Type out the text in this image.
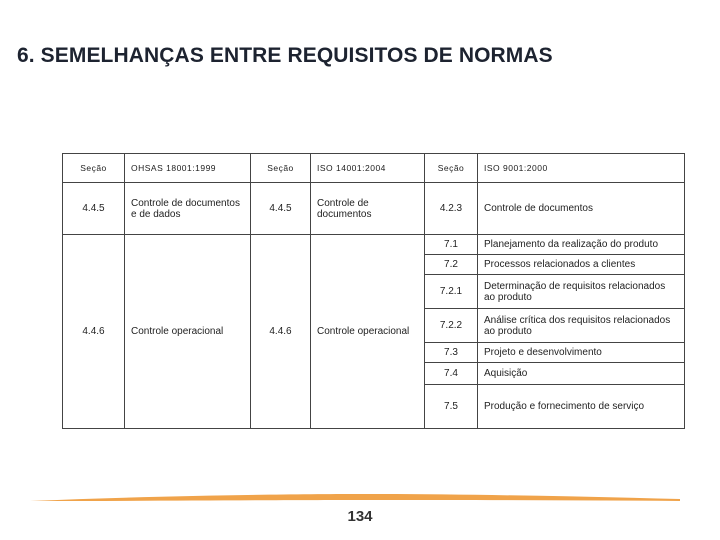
6. SEMELHANÇAS ENTRE REQUISITOS DE NORMAS
Seção	OHSAS 18001:1999	Seção	ISO 14001:2004	Seção	ISO 9001:2000
4.4.5	Controle de documentos e de dados	4.4.5	Controle de documentos	4.2.3	Controle de documentos
4.4.6	Controle operacional	4.4.6	Controle operacional	7.1	Planejamento da realização do produto
				7.2	Processos relacionados a clientes
				7.2.1	Determinação de requisitos relacionados ao produto
				7.2.2	Análise crítica dos requisitos relacionados ao produto
				7.3	Projeto e desenvolvimento
				7.4	Aquisição
				7.5	Produção e fornecimento de serviço
134
